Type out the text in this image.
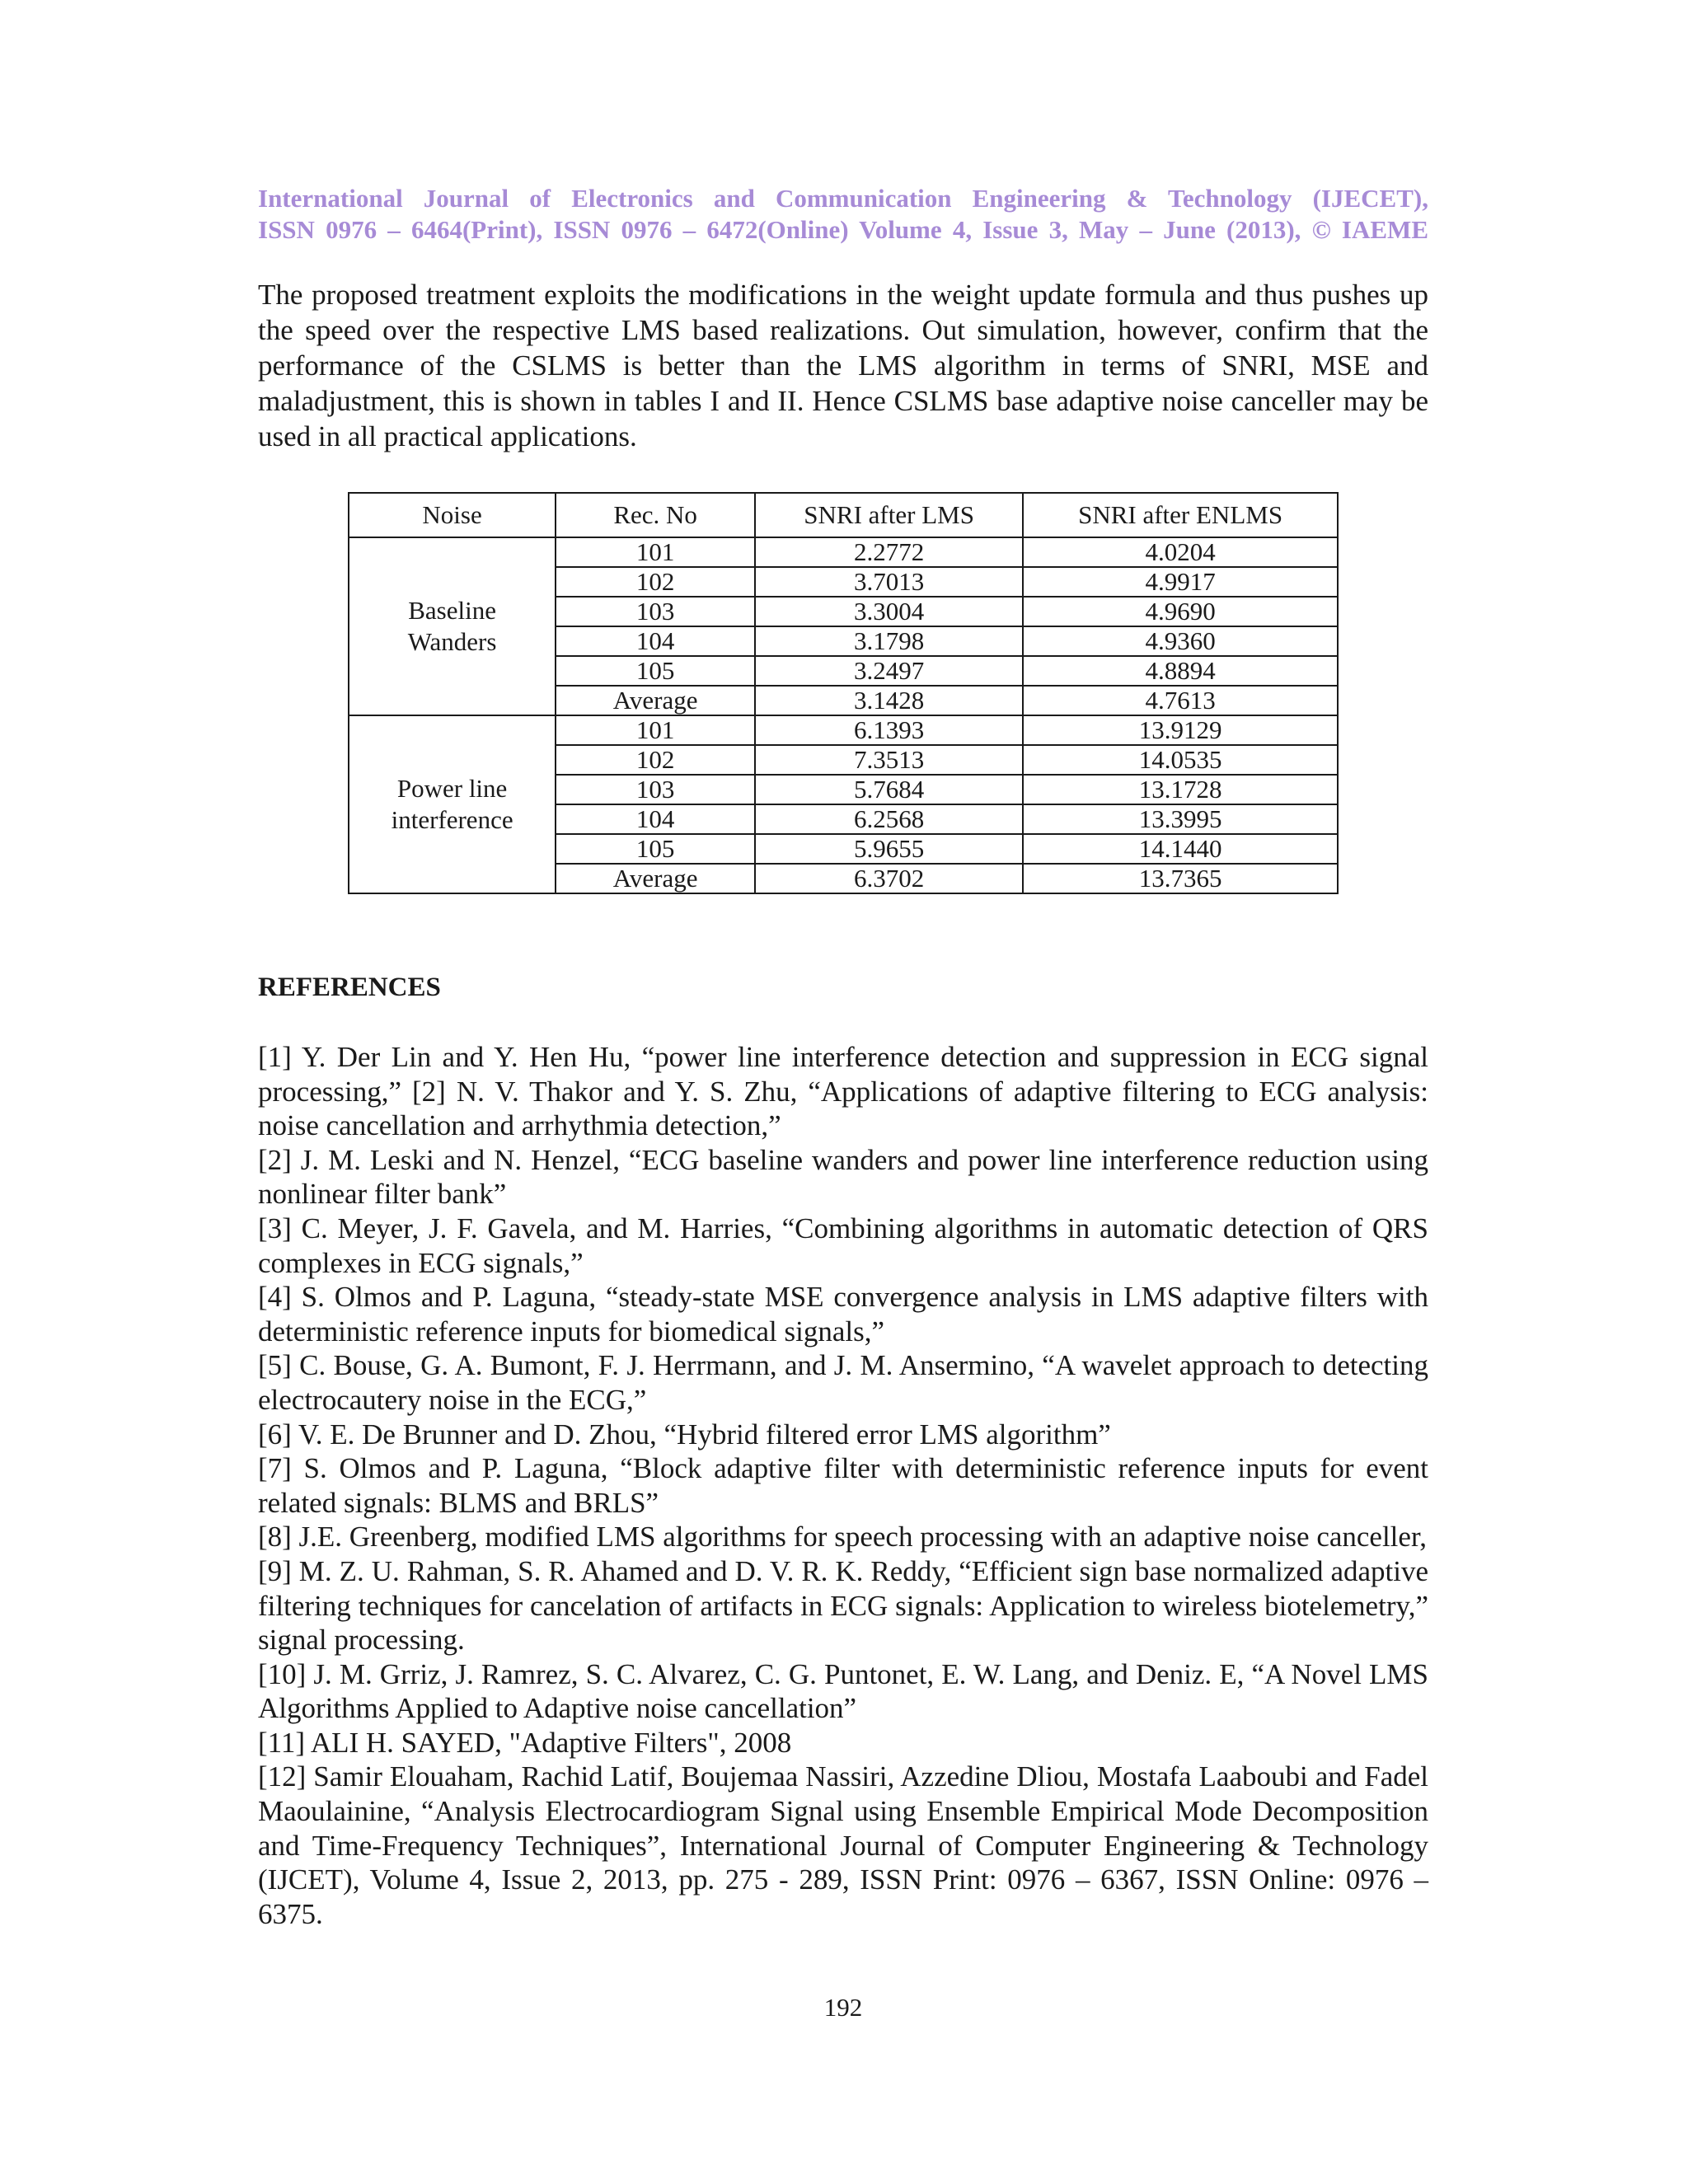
International Journal of Electronics and Communication Engineering & Technology (IJECET),
ISSN 0976 – 6464(Print), ISSN 0976 – 6472(Online) Volume 4, Issue 3, May – June (2013), © IAEME

The proposed treatment exploits the modifications in the weight update formula and thus pushes up the speed over the respective LMS based realizations. Out simulation, however, confirm that the performance of the CSLMS is better than the LMS algorithm in terms of SNRI, MSE and maladjustment, this is shown in tables I and II. Hence CSLMS base adaptive noise canceller may be used in all practical applications.

Noise	Rec. No	SNRI after LMS	SNRI after ENLMS
Baseline
Wanders	101	2.2772	4.0204
	102	3.7013	4.9917
	103	3.3004	4.9690
	104	3.1798	4.9360
	105	3.2497	4.8894
	Average	3.1428	4.7613
Power line
interference	101	6.1393	13.9129
	102	7.3513	14.0535
	103	5.7684	13.1728
	104	6.2568	13.3995
	105	5.9655	14.1440
	Average	6.3702	13.7365
REFERENCES

[1] Y. Der Lin and Y. Hen Hu, “power line interference detection and suppression in ECG signal processing,” [2] N. V. Thakor and Y. S. Zhu, “Applications of adaptive filtering to ECG analysis: noise cancellation and arrhythmia detection,”

[2] J. M. Leski and N. Henzel, “ECG baseline wanders and power line interference reduction using nonlinear filter bank”

[3] C. Meyer, J. F. Gavela, and M. Harries, “Combining algorithms in automatic detection of QRS complexes in ECG signals,”

[4] S. Olmos and P. Laguna, “steady-state MSE convergence analysis in LMS adaptive filters with deterministic reference inputs for biomedical signals,”

[5] C. Bouse, G. A. Bumont, F. J. Herrmann, and J. M. Ansermino, “A wavelet approach to detecting electrocautery noise in the ECG,”

[6] V. E. De Brunner and D. Zhou, “Hybrid filtered error LMS algorithm”

[7] S. Olmos and P. Laguna, “Block adaptive filter with deterministic reference inputs for event related signals: BLMS and BRLS”

[8] J.E. Greenberg, modified LMS algorithms for speech processing with an adaptive noise canceller,

[9] M. Z. U. Rahman, S. R. Ahamed and D. V. R. K. Reddy, “Efficient sign base normalized adaptive filtering techniques for cancelation of artifacts in ECG signals: Application to wireless biotelemetry,” signal processing.

[10] J. M. Grriz, J. Ramrez, S. C. Alvarez, C. G. Puntonet, E. W. Lang, and Deniz. E, “A Novel LMS Algorithms Applied to Adaptive noise cancellation”

[11] ALI H. SAYED, "Adaptive Filters", 2008

[12] Samir Elouaham, Rachid Latif, Boujemaa Nassiri, Azzedine Dliou, Mostafa Laaboubi and Fadel Maoulainine, “Analysis Electrocardiogram Signal using Ensemble Empirical Mode Decomposition and Time-Frequency Techniques”, International Journal of Computer Engineering & Technology (IJCET), Volume 4, Issue 2, 2013, pp. 275 - 289, ISSN Print: 0976 – 6367, ISSN Online: 0976 – 6375.

192
